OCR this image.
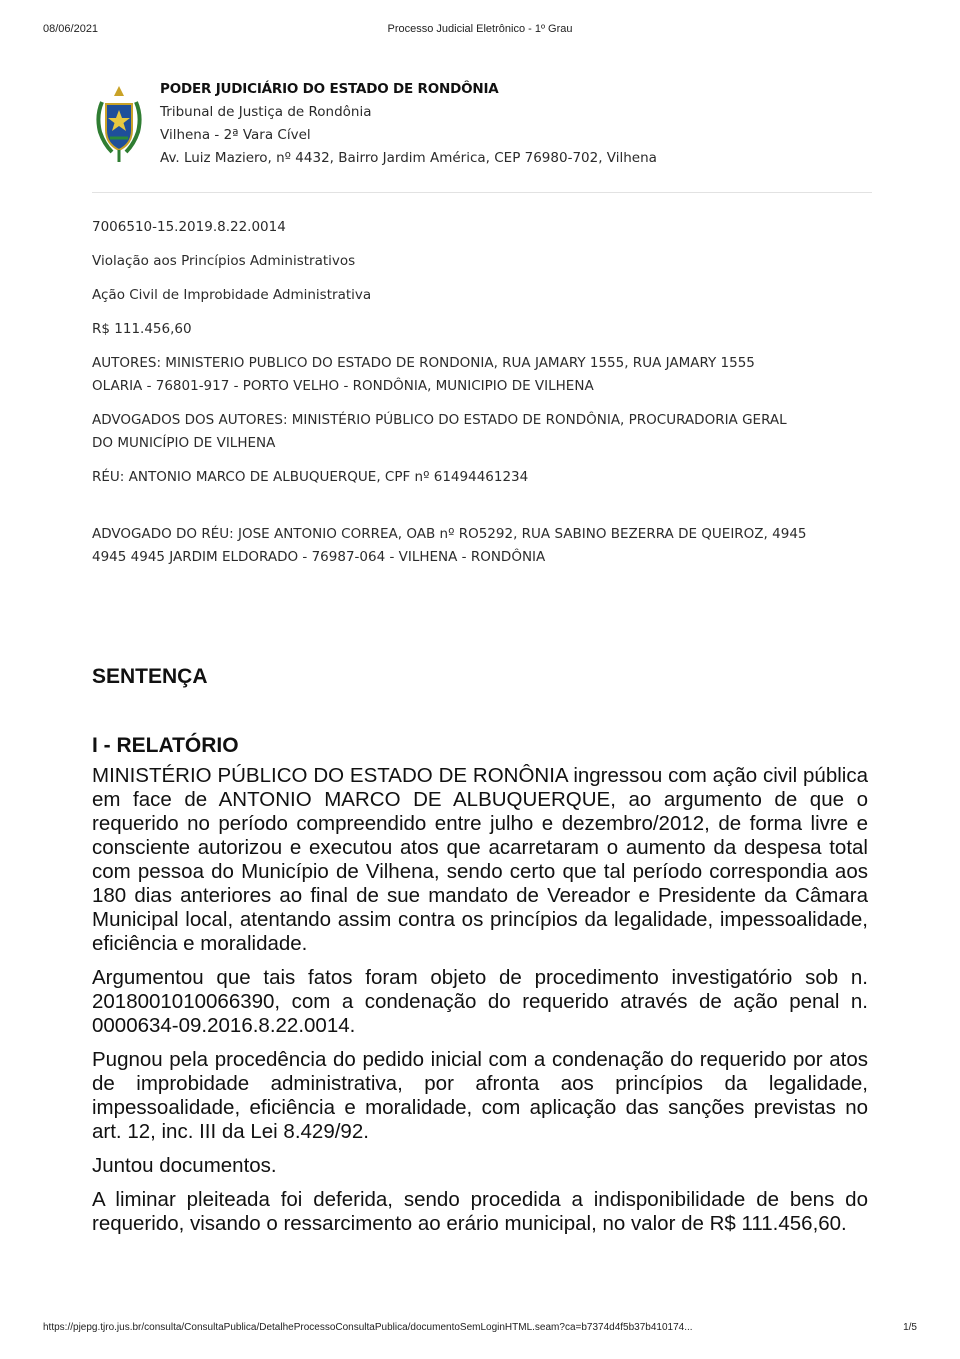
08/06/2021	Processo Judicial Eletrônico - 1º Grau
PODER JUDICIÁRIO DO ESTADO DE RONDÔNIA
Tribunal de Justiça de Rondônia
Vilhena - 2ª Vara Cível
Av. Luiz Maziero, nº 4432, Bairro Jardim América, CEP 76980-702, Vilhena

7006510-15.2019.8.22.0014

Violação aos Princípios Administrativos

Ação Civil de Improbidade Administrativa

R$ 111.456,60

AUTORES: MINISTERIO PUBLICO DO ESTADO DE RONDONIA, RUA JAMARY 1555, RUA JAMARY 1555
OLARIA - 76801-917 - PORTO VELHO - RONDÔNIA, MUNICIPIO DE VILHENA

ADVOGADOS DOS AUTORES: MINISTÉRIO PÚBLICO DO ESTADO DE RONDÔNIA, PROCURADORIA GERAL
DO MUNICÍPIO DE VILHENA

RÉU: ANTONIO MARCO DE ALBUQUERQUE, CPF nº 61494461234

ADVOGADO DO RÉU: JOSE ANTONIO CORREA, OAB nº RO5292, RUA SABINO BEZERRA DE QUEIROZ, 4945
4945 4945 JARDIM ELDORADO - 76987-064 - VILHENA - RONDÔNIA

SENTENÇA
I - RELATÓRIO

MINISTÉRIO PÚBLICO DO ESTADO DE RONÔNIA ingressou com ação civil pública em face de ANTONIO MARCO DE ALBUQUERQUE, ao argumento de que o requerido no período compreendido entre julho e dezembro/2012, de forma livre e consciente autorizou e executou atos que acarretaram o aumento da despesa total com pessoa do Município de Vilhena, sendo certo que tal período correspondia aos 180 dias anteriores ao final de sue mandato de Vereador e Presidente da Câmara Municipal local, atentando assim contra os princípios da legalidade, impessoalidade, eficiência e moralidade.

Argumentou que tais fatos foram objeto de procedimento investigatório sob n. 2018001010066390, com a condenação do requerido através de ação penal n. 0000634-09.2016.8.22.0014.

Pugnou pela procedência do pedido inicial com a condenação do requerido por atos de improbidade administrativa, por afronta aos princípios da legalidade, impessoalidade, eficiência e moralidade, com aplicação das sanções previstas no art. 12, inc. III da Lei 8.429/92.

Juntou documentos.

A liminar pleiteada foi deferida, sendo procedida a indisponibilidade de bens do requerido, visando o ressarcimento ao erário municipal, no valor de R$ 111.456,60.

https://pjepg.tjro.jus.br/consulta/ConsultaPublica/DetalheProcessoConsultaPublica/documentoSemLoginHTML.seam?ca=b7374d4f5b37b410174...	1/5
